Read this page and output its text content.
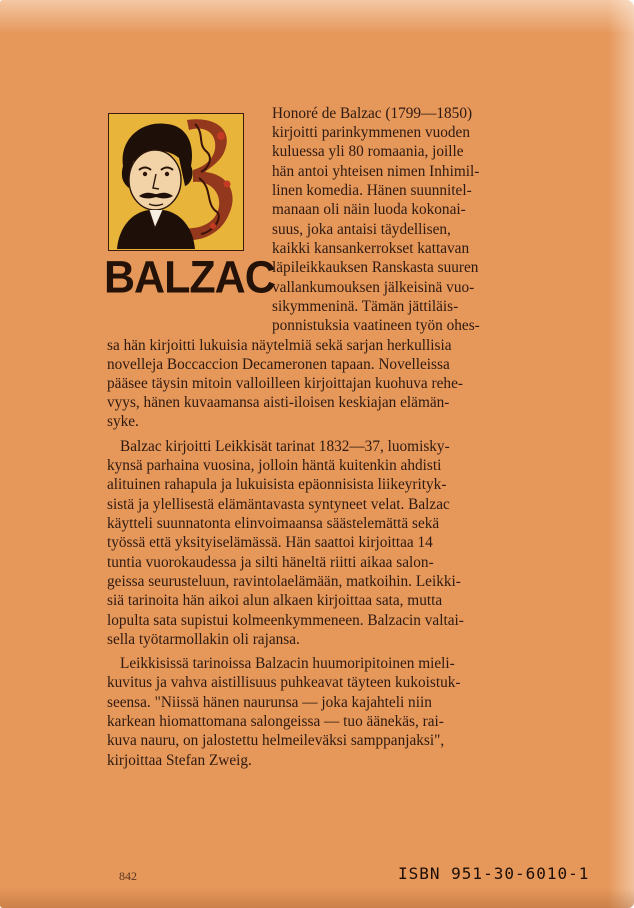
BALZAC
Honoré de Balzac (1799—1850)
kirjoitti parinkymmenen vuoden
kuluessa yli 80 romaania, joille
hän antoi yhteisen nimen Inhimil-
linen komedia. Hänen suunnitel-
manaan oli näin luoda kokonai-
suus, joka antaisi täydellisen,
kaikki kansankerrokset kattavan
läpileikkauksen Ranskasta suuren
vallankumouksen jälkeisinä vuo-
sikymmeninä. Tämän jättiläis-
ponnistuksia vaatineen työn ohes-
sa hän kirjoitti lukuisia näytelmiä sekä sarjan herkullisia
novelleja Boccaccion Decameronen tapaan. Novelleissa
pääsee täysin mitoin valloilleen kirjoittajan kuohuva rehe-
vyys, hänen kuvaamansa aisti-iloisen keskiajan elämän-
syke.
Balzac kirjoitti Leikkisät tarinat 1832—37, luomisky-
kynsä parhaina vuosina, jolloin häntä kuitenkin ahdisti
alituinen rahapula ja lukuisista epäonnisista liikeyrityk-
sistä ja ylellisestä elämäntavasta syntyneet velat. Balzac
käytteli suunnatonta elinvoimaansa säästelemättä sekä
työssä että yksityiselämässä. Hän saattoi kirjoittaa 14
tuntia vuorokaudessa ja silti häneltä riitti aikaa salon-
geissa seurusteluun, ravintolaelämään, matkoihin. Leikki-
siä tarinoita hän aikoi alun alkaen kirjoittaa sata, mutta
lopulta sata supistui kolmeenkymmeneen. Balzacin valtai-
sella työtarmollakin oli rajansa.
Leikkisissä tarinoissa Balzacin huumoripitoinen mieli-
kuvitus ja vahva aistillisuus puhkeavat täyteen kukoistuk-
seensa. "Niissä hänen naurunsa — joka kajahteli niin
karkean hiomattomana salongeissa — tuo äänekäs, rai-
kuva nauru, on jalostettu helmeileväksi samppanjaksi",
kirjoittaa Stefan Zweig.
842	ISBN 951-30-6010-1
